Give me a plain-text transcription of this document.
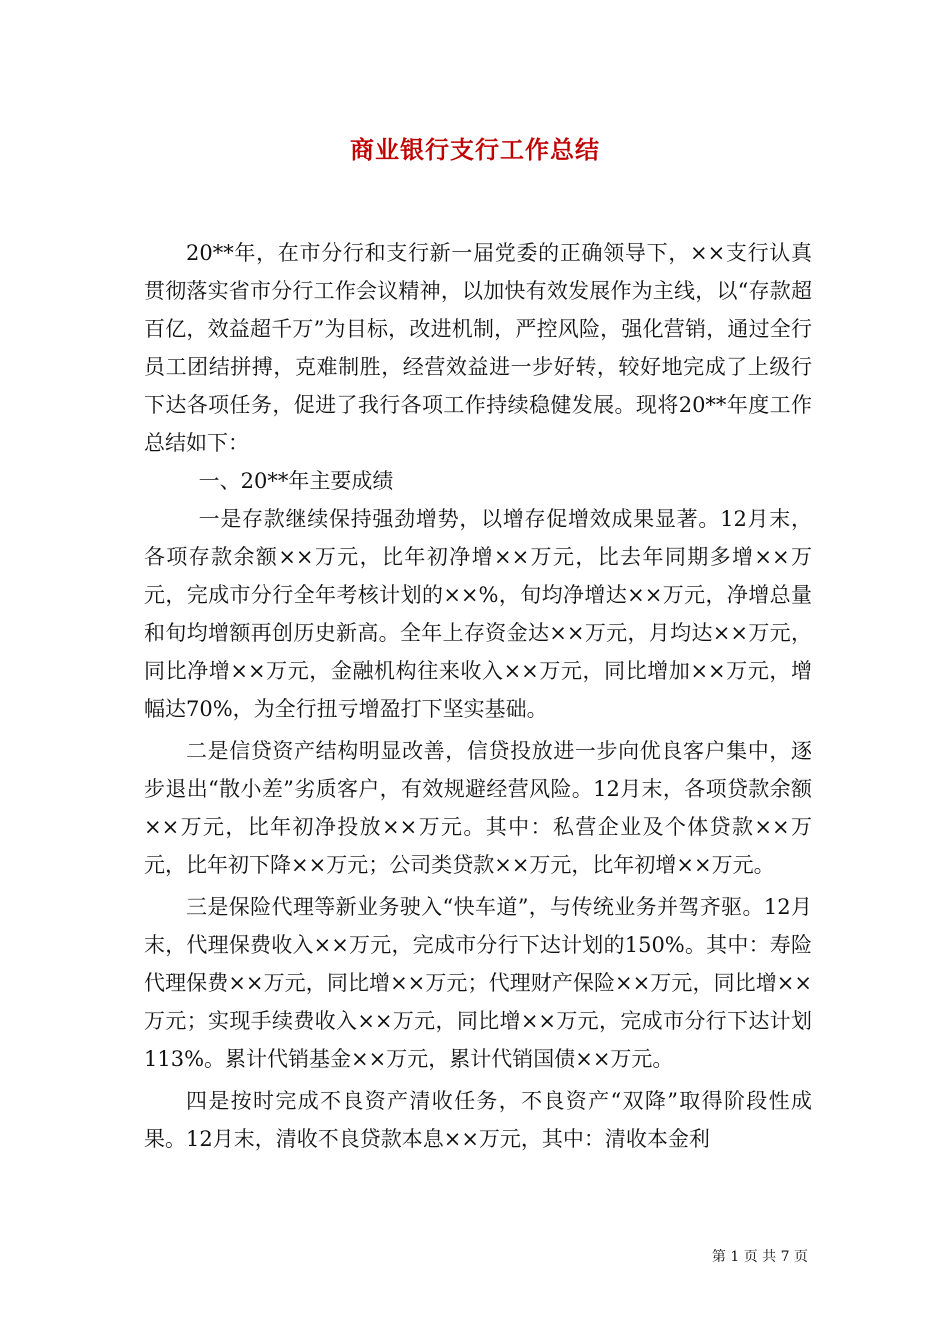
商业银行支行工作总结

20**年，在市分行和支行新一届党委的正确领导下，××支行认真贯彻落实省市分行工作会议精神，以加快有效发展作为主线，以“存款超百亿，效益超千万”为目标，改进机制，严控风险，强化营销，通过全行员工团结拼搏，克难制胜，经营效益进一步好转，较好地完成了上级行下达各项任务，促进了我行各项工作持续稳健发展。现将20**年度工作总结如下：

一、20**年主要成绩

一是存款继续保持强劲增势，以增存促增效成果显著。12月末，各项存款余额××万元，比年初净增××万元，比去年同期多增××万元，完成市分行全年考核计划的××%，旬均净增达××万元，净增总量和旬均增额再创历史新高。全年上存资金达××万元，月均达××万元，同比净增××万元，金融机构往来收入××万元，同比增加××万元，增幅达70%，为全行扭亏增盈打下坚实基础。

二是信贷资产结构明显改善，信贷投放进一步向优良客户集中，逐步退出“散小差”劣质客户，有效规避经营风险。12月末，各项贷款余额××万元，比年初净投放××万元。其中：私营企业及个体贷款××万元，比年初下降××万元；公司类贷款××万元，比年初增××万元。

三是保险代理等新业务驶入“快车道”，与传统业务并驾齐驱。12月末，代理保费收入××万元，完成市分行下达计划的150%。其中：寿险代理保费××万元，同比增××万元；代理财产保险××万元，同比增××万元；实现手续费收入××万元，同比增××万元，完成市分行下达计划113%。累计代销基金××万元，累计代销国债××万元。

四是按时完成不良资产清收任务，不良资产“双降”取得阶段性成果。12月末，清收不良贷款本息××万元，其中：清收本金利

第 1 页 共 7 页
